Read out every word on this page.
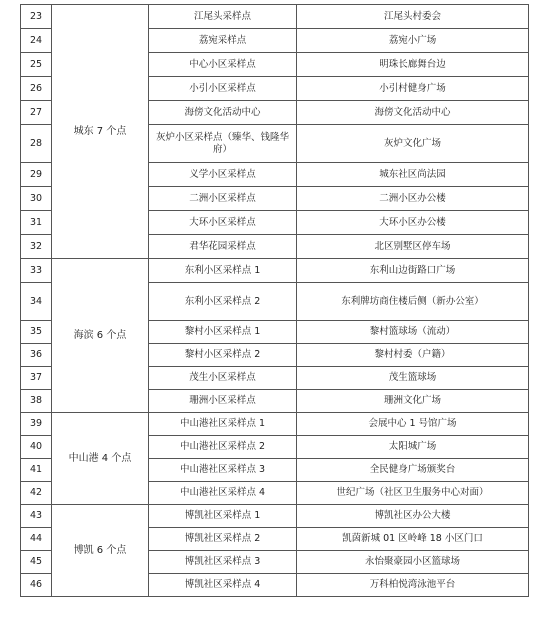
23	城东 7 个点	江尾头采样点	江尾头村委会
24		荔宛采样点	荔宛小广场
25		中心小区采样点	明珠长廊舞台边
26		小引小区采样点	小引村健身广场
27		海傍文化活动中心	海傍文化活动中心
28		灰炉小区采样点（臻华、钱隆华府）	灰炉文化广场
29		义学小区采样点	城东社区尚法园
30		二洲小区采样点	二洲小区办公楼
31		大环小区采样点	大环小区办公楼
32		君华花园采样点	北区别墅区停车场
33	海滨 6 个点	东利小区采样点 1	东利山边街路口广场
34		东利小区采样点 2	东利牌坊商住楼后侧（新办公室）
35		黎村小区采样点 1	黎村篮球场（流动）
36		黎村小区采样点 2	黎村村委（户籍）
37		茂生小区采样点	茂生篮球场
38		珊洲小区采样点	珊洲文化广场
39	中山港 4 个点	中山港社区采样点 1	会展中心 1 号馆广场
40		中山港社区采样点 2	太阳城广场
41		中山港社区采样点 3	全民健身广场颁奖台
42		中山港社区采样点 4	世纪广场（社区卫生服务中心对面）
43	博凯 6 个点	博凯社区采样点 1	博凯社区办公大楼
44		博凯社区采样点 2	凯茵新城 01 区岭峰 18 小区门口
45		博凯社区采样点 3	永怡聚豪园小区篮球场
46		博凯社区采样点 4	万科柏悦湾泳池平台
